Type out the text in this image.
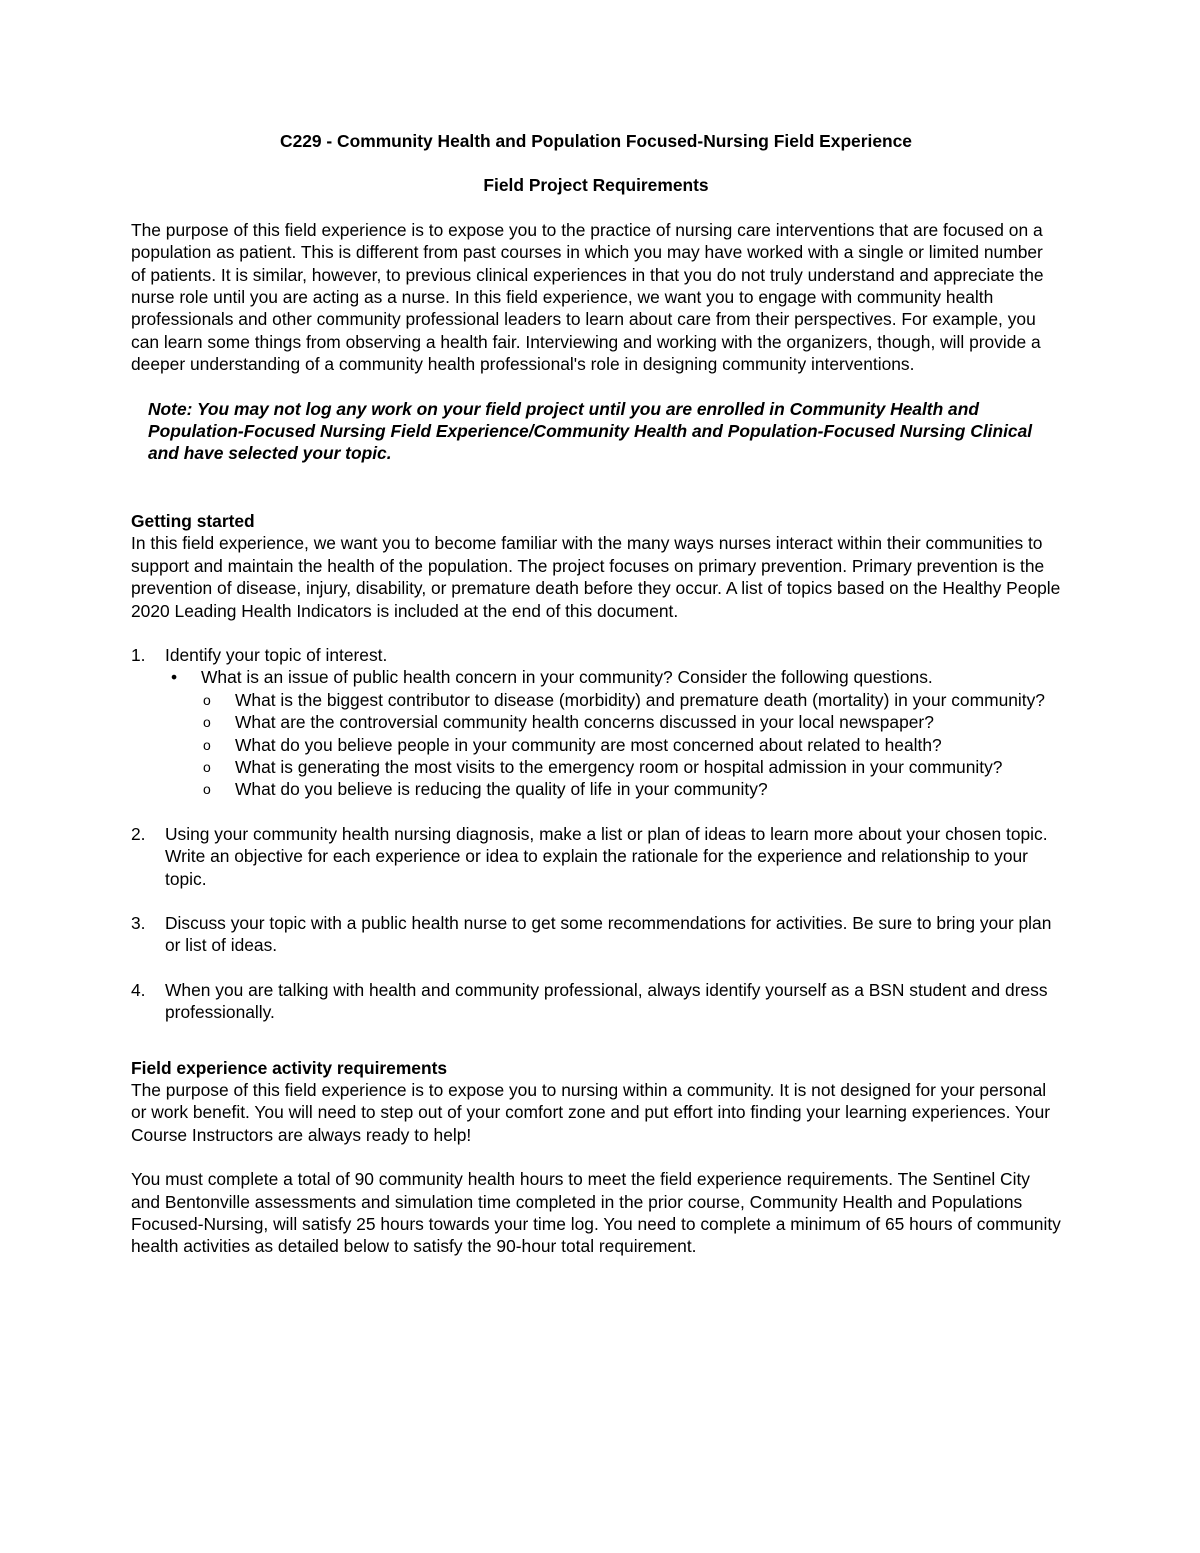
C229 - Community Health and Population Focused-Nursing Field Experience
Field Project Requirements

The purpose of this field experience is to expose you to the practice of nursing care interventions that are focused on a population as patient. This is different from past courses in which you may have worked with a single or limited number of patients. It is similar, however, to previous clinical experiences in that you do not truly understand and appreciate the nurse role until you are acting as a nurse. In this field experience, we want you to engage with community health professionals and other community professional leaders to learn about care from their perspectives. For example, you can learn some things from observing a health fair. Interviewing and working with the organizers, though, will provide a deeper understanding of a community health professional's role in designing community interventions.

Note: You may not log any work on your field project until you are enrolled in Community Health and Population-Focused Nursing Field Experience/Community Health and Population-Focused Nursing Clinical and have selected your topic.

Getting started

In this field experience, we want you to become familiar with the many ways nurses interact within their communities to support and maintain the health of the population. The project focuses on primary prevention. Primary prevention is the prevention of disease, injury, disability, or premature death before they occur. A list of topics based on the Healthy People 2020 Leading Health Indicators is included at the end of this document.

1. Identify your topic of interest.
• What is an issue of public health concern in your community? Consider the following questions.
o What is the biggest contributor to disease (morbidity) and premature death (mortality) in your community?
o What are the controversial community health concerns discussed in your local newspaper?
o What do you believe people in your community are most concerned about related to health?
o What is generating the most visits to the emergency room or hospital admission in your community?
o What do you believe is reducing the quality of life in your community?
2. Using your community health nursing diagnosis, make a list or plan of ideas to learn more about your chosen topic. Write an objective for each experience or idea to explain the rationale for the experience and relationship to your topic.
3. Discuss your topic with a public health nurse to get some recommendations for activities. Be sure to bring your plan or list of ideas.
4. When you are talking with health and community professional, always identify yourself as a BSN student and dress professionally.
Field experience activity requirements

The purpose of this field experience is to expose you to nursing within a community. It is not designed for your personal or work benefit. You will need to step out of your comfort zone and put effort into finding your learning experiences. Your Course Instructors are always ready to help!

You must complete a total of 90 community health hours to meet the field experience requirements. The Sentinel City and Bentonville assessments and simulation time completed in the prior course, Community Health and Populations Focused-Nursing, will satisfy 25 hours towards your time log. You need to complete a minimum of 65 hours of community health activities as detailed below to satisfy the 90-hour total requirement.
